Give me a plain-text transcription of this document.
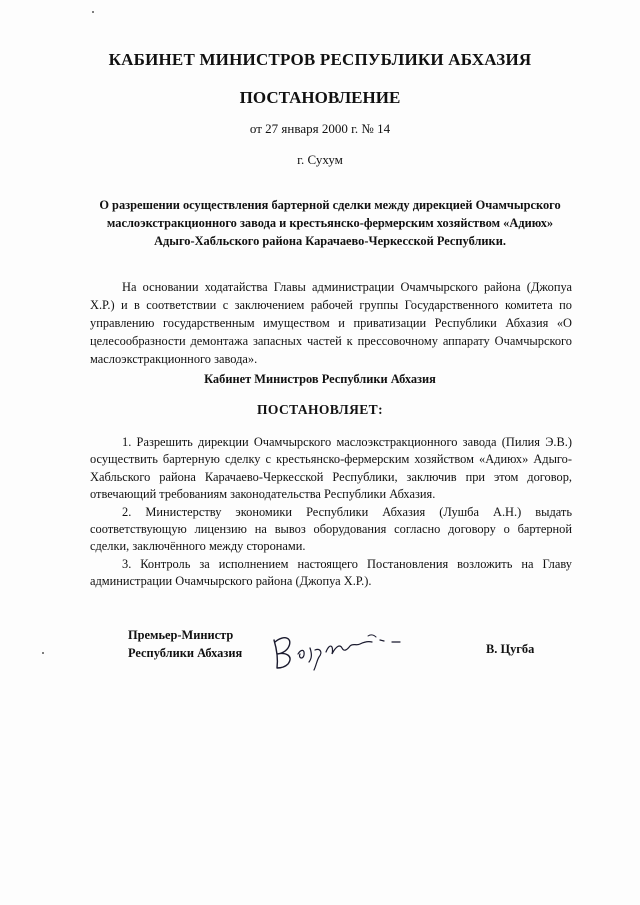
КАБИНЕТ МИНИСТРОВ РЕСПУБЛИКИ АБХАЗИЯ
ПОСТАНОВЛЕНИЕ
от 27 января 2000 г. № 14
г. Сухум
О разрешении осуществления бартерной сделки между дирекцией Очамчырского маслоэкстракционного завода и крестьянско-фермерским хозяйством «Адиюх» Адыго-Хабльского района Карачаево-Черкесской Республики.

На основании ходатайства Главы администрации Очамчырского района (Джопуа Х.Р.) и в соответствии с заключением рабочей группы Государственного комитета по управлению государственным имуществом и приватизации Республики Абхазия «О целесообразности демонтажа запасных частей к прессовочному аппарату Очамчырского маслоэкстракционного завода».

Кабинет Министров Республики Абхазия
ПОСТАНОВЛЯЕТ:

1. Разрешить дирекции Очамчырского маслоэкстракционного завода (Пилия Э.В.) осуществить бартерную сделку с крестьянско-фермерским хозяйством «Адиюх» Адыго-Хабльского района Карачаево-Черкесской Республики, заключив при этом договор, отвечающий требованиям законодательства Республики Абхазия.

2. Министерству экономики Республики Абхазия (Лушба А.Н.) выдать соответствующую лицензию на вывоз оборудования согласно договору о бартерной сделки, заключённого между сторонами.

3. Контроль за исполнением настоящего Постановления возложить на Главу администрации Очамчырского района (Джопуа Х.Р.).

Премьер-Министр
Республики Абхазия	В. Цугба
